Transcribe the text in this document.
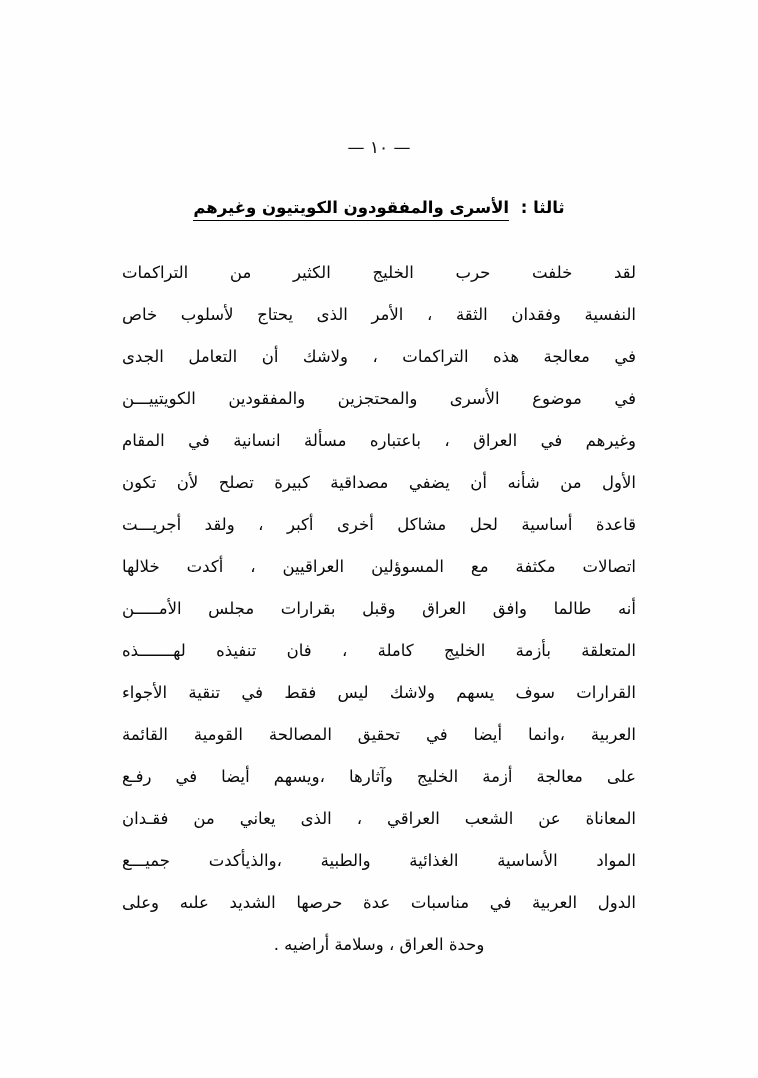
— ١٠ —
ثالثا : الأسرى والمفقودون الكويتيون وغيرهم

لقد خلفت حرب الخليج الكثير من التراكمات
النفسية وفقدان الثقة ، الأمر الذى يحتاج لأسلوب خاص
في معالجة هذه التراكمات ، ولاشك أن التعامل الجدى
في موضوع الأسرى والمحتجزين والمفقودين الكويتييـــن
وغيرهم في العراق ، باعتباره مسألة انسانية في المقام
الأول من شأنه أن يضفي مصداقية كبيرة تصلح لأن تكون
قاعدة أساسية لحل مشاكل أخرى أكبر ، ولقد أجريـــت
اتصالات مكثفة مع المسوؤلين العراقيين ، أكدت خلالها
أنه طالما وافق العراق وقبل بقرارات مجلس الأمـــــن
المتعلقة بأزمة الخليج كاملة ، فان تنفيذه لهـــــــذه
القرارات سوف يسهم ولاشك ليس فقط في تنقية الأجواء
العربية ،وانما أيضا في تحقيق المصالحة القومية القائمة
على معالجة أزمة الخليج وآثارها ،ويسهم أيضا في رفـع
المعاناة عن الشعب العراقي ، الذى يعاني من فقـدان
المواد الأساسية الغذائية والطبية ،والذيأكدت جميـــع
الدول العربية في مناسبات عدة حرصها الشديد علىه وعلى
وحدة العراق ، وسلامة أراضيه .
